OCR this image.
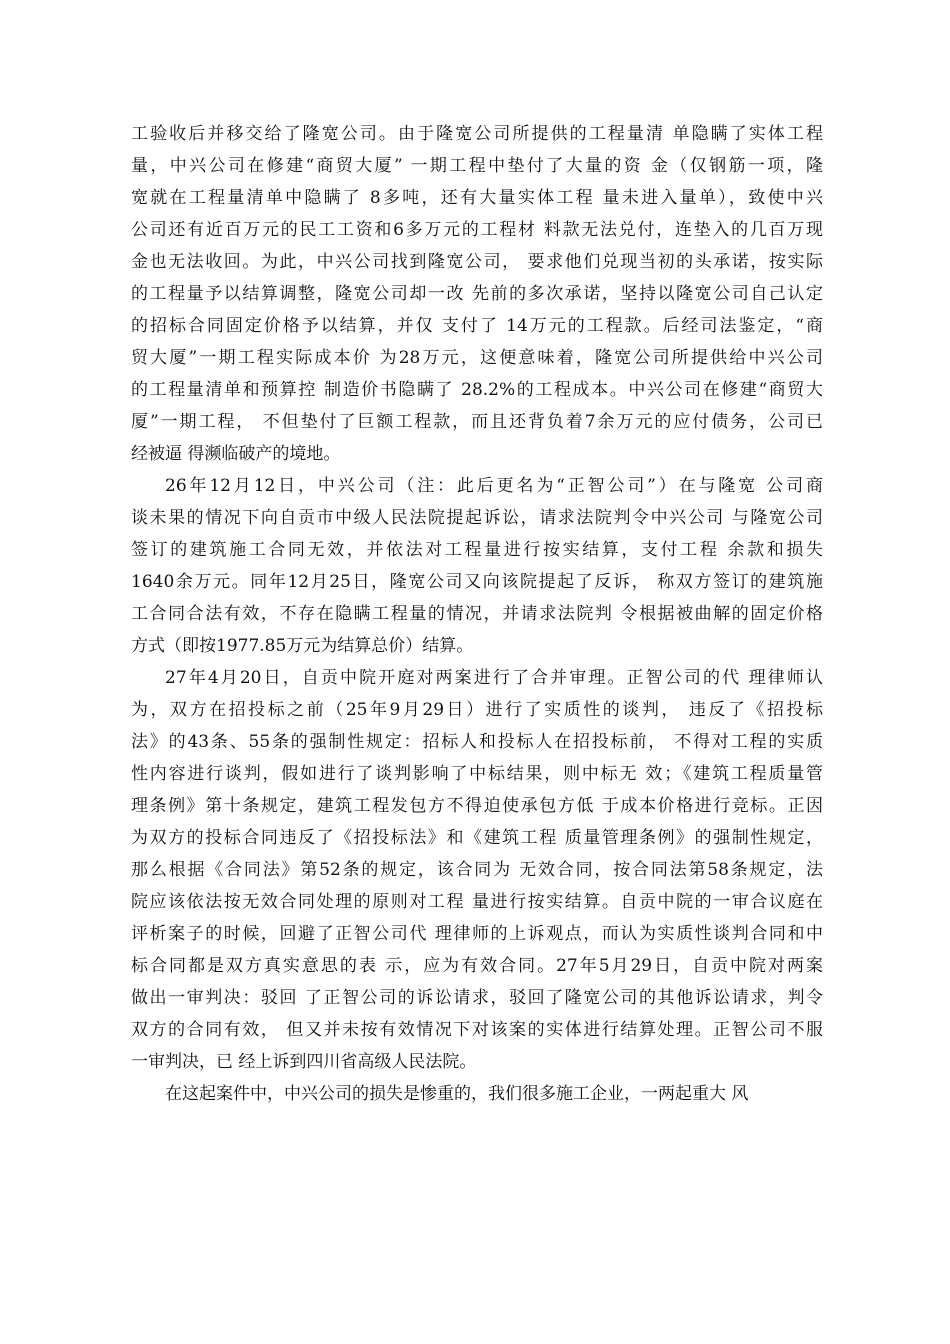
工验收后并移交给了隆宽公司。由于隆宽公司所提供的工程量清 单隐瞒了实体工程
量，中兴公司在修建“商贸大厦” 一期工程中垫付了大量的资 金（仅钢筋一项，隆
宽就在工程量清单中隐瞒了 8多吨，还有大量实体工程 量未进入量单），致使中兴
公司还有近百万元的民工工资和6多万元的工程材 料款无法兑付，连垫入的几百万现
金也无法收回。为此，中兴公司找到隆宽公司， 要求他们兑现当初的头承诺，按实际
的工程量予以结算调整，隆宽公司却一改 先前的多次承诺，坚持以隆宽公司自己认定
的招标合同固定价格予以结算，并仅 支付了 14万元的工程款。后经司法鉴定，“商
贸大厦”一期工程实际成本价 为28万元，这便意味着，隆宽公司所提供给中兴公司
的工程量清单和预算控 制造价书隐瞒了 28.2%的工程成本。中兴公司在修建“商贸大
厦”一期工程， 不但垫付了巨额工程款，而且还背负着7余万元的应付债务，公司已
经被逼 得濒临破产的境地。
26年12月12日，中兴公司（注：此后更名为“正智公司”）在与隆宽 公司商
谈未果的情况下向自贡市中级人民法院提起诉讼，请求法院判令中兴公司 与隆宽公司
签订的建筑施工合同无效，并依法对工程量进行按实结算，支付工程 余款和损失
1640余万元。同年12月25日，隆宽公司又向该院提起了反诉， 称双方签订的建筑施
工合同合法有效，不存在隐瞒工程量的情况，并请求法院判 令根据被曲解的固定价格
方式（即按1977.85万元为结算总价）结算。
27年4月20日，自贡中院开庭对两案进行了合并审理。正智公司的代 理律师认
为，双方在招投标之前（25年9月29日）进行了实质性的谈判， 违反了《招投标
法》的43条、55条的强制性规定：招标人和投标人在招投标前， 不得对工程的实质
性内容进行谈判，假如进行了谈判影响了中标结果，则中标无 效；《建筑工程质量管
理条例》第十条规定，建筑工程发包方不得迫使承包方低 于成本价格进行竞标。正因
为双方的投标合同违反了《招投标法》和《建筑工程 质量管理条例》的强制性规定，
那么根据《合同法》第52条的规定，该合同为 无效合同，按合同法第58条规定，法
院应该依法按无效合同处理的原则对工程 量进行按实结算。自贡中院的一审合议庭在
评析案子的时候，回避了正智公司代 理律师的上诉观点，而认为实质性谈判合同和中
标合同都是双方真实意思的表 示，应为有效合同。27年5月29日，自贡中院对两案
做出一审判决：驳回 了正智公司的诉讼请求，驳回了隆宽公司的其他诉讼请求，判令
双方的合同有效， 但又并未按有效情况下对该案的实体进行结算处理。正智公司不服
一审判决，已 经上诉到四川省高级人民法院。
在这起案件中，中兴公司的损失是惨重的，我们很多施工企业，一两起重大 风
